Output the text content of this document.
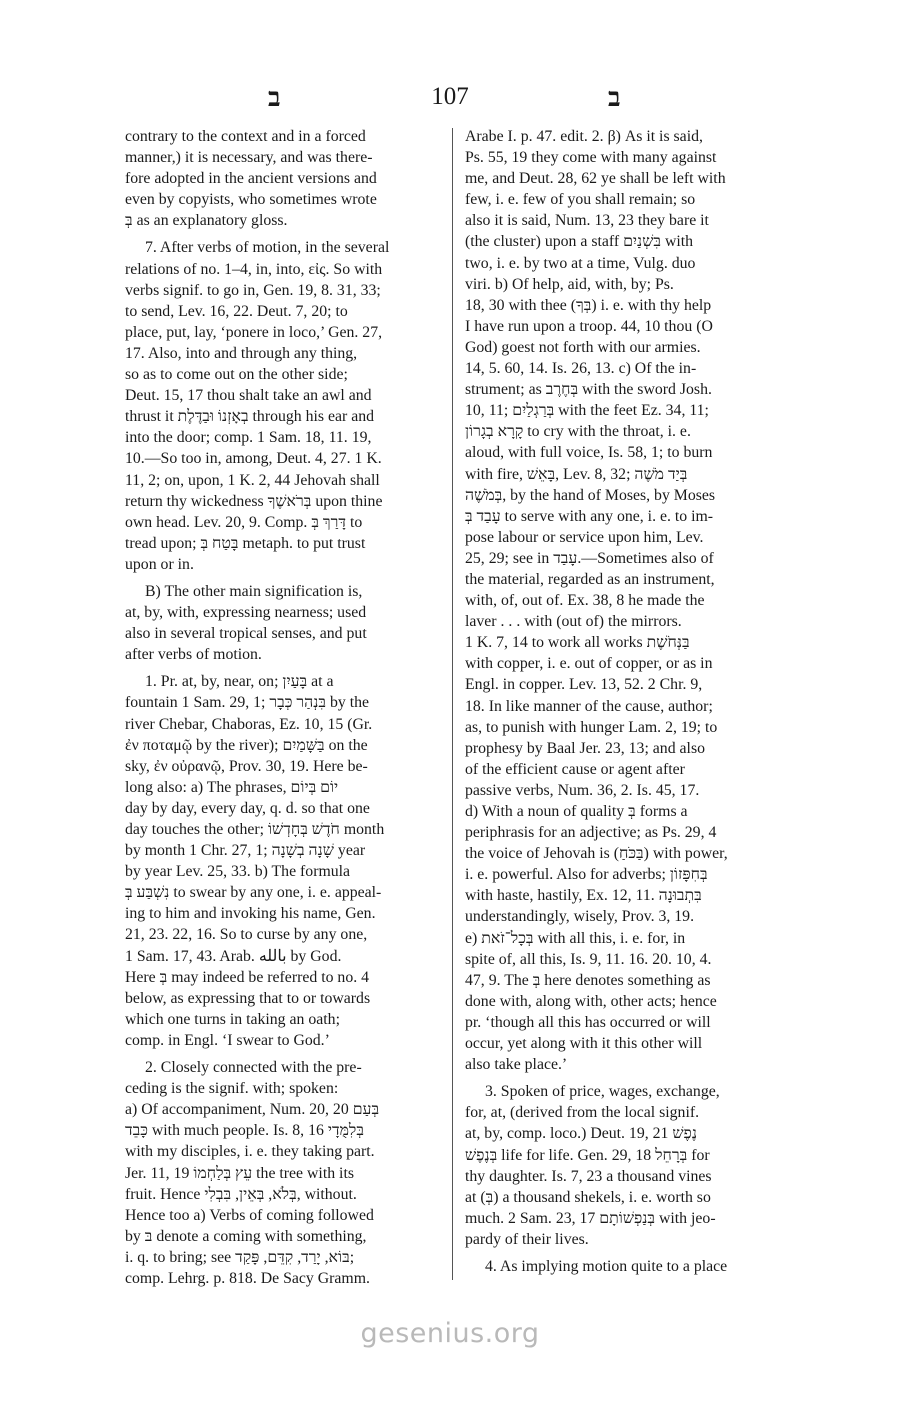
ב	107	ב

contrary to the context and in a forced
manner,) it is necessary, and was there-
fore adopted in the ancient versions and
even by copyists, who sometimes wrote
בְּ as an explanatory gloss.

7. After verbs of motion, in the several
relations of no. 1–4, in, into, εἰς. So with
verbs signif. to go in, Gen. 19, 8. 31, 33;
to send, Lev. 16, 22. Deut. 7, 20; to
place, put, lay, ‘ponere in loco,’ Gen. 27,
17. Also, into and through any thing,
so as to come out on the other side;
Deut. 15, 17 thou shalt take an awl and
thrust it בְאָזְנוֹ וּבַדֶּלֶת through his ear and
into the door; comp. 1 Sam. 18, 11. 19,
10.—So too in, among, Deut. 4, 27. 1 K.
11, 2; on, upon, 1 K. 2, 44 Jehovah shall
return thy wickedness בְּרֹאשֶׁךָ upon thine
own head. Lev. 20, 9. Comp. דָּרַךְ בְּ to
tread upon; בָּטַח בְּ metaph. to put trust
upon or in.

B) The other main signification is,
at, by, with, expressing nearness; used
also in several tropical senses, and put
after verbs of motion.

1. Pr. at, by, near, on; בָּעַיִן at a
fountain 1 Sam. 29, 1; בִּנְהַר כְּבָר by the
river Chebar, Chaboras, Ez. 10, 15 (Gr.
ἐν ποταμῷ by the river); בַּשָּׁמַיִם on the
sky, ἐν οὐρανῷ, Prov. 30, 19. Here be-
long also: a) The phrases, יוֹם בְּיוֹם
day by day, every day, q. d. so that one
day touches the other; חֹדֶשׁ בְּחָדְשׁוֹ month
by month 1 Chr. 27, 1; שָׁנָה בְשָׁנָה year
by year Lev. 25, 33. b) The formula
נִשְׁבַּע בְּ to swear by any one, i. e. appeal-
ing to him and invoking his name, Gen.
21, 23. 22, 16. So to curse by any one,
1 Sam. 17, 43. Arab. بالله by God.
Here בְּ may indeed be referred to no. 4
below, as expressing that to or towards
which one turns in taking an oath;
comp. in Engl. ‘I swear to God.’

2. Closely connected with the pre-
ceding is the signif. with; spoken:
a) Of accompaniment, Num. 20, 20 בְּעַם
כָּבֵד with much people. Is. 8, 16 בְּלִמֻּדָי
with my disciples, i. e. they taking part.
Jer. 11, 19 עֵץ בְּלַחְמוֹ the tree with its
fruit. Hence בְּלֹא, בְּאֵין, בִּבְלִי, without.
Hence too a) Verbs of coming followed
by בּ denote a coming with something,
i. q. to bring; see בּוֹא, יָרַד, קִדֵּם, פָּקַד;
comp. Lehrg. p. 818. De Sacy Gramm.

Arabe I. p. 47. edit. 2. β) As it is said,
Ps. 55, 19 they come with many against
me, and Deut. 28, 62 ye shall be left with
few, i. e. few of you shall remain; so
also it is said, Num. 13, 23 they bare it
(the cluster) upon a staff בִּשְׁנַיִם with
two, i. e. by two at a time, Vulg. duo
viri. b) Of help, aid, with, by; Ps.
18, 30 with thee (בְּךָ) i. e. with thy help
I have run upon a troop. 44, 10 thou (O
God) goest not forth with our armies.
14, 5. 60, 14. Is. 26, 13. c) Of the in-
strument; as בְּחֶרֶב with the sword Josh.
10, 11; בְּרַגְלַיִם with the feet Ez. 34, 11;
קָרָא בְגָרוֹן to cry with the throat, i. e.
aloud, with full voice, Is. 58, 1; to burn
with fire, בָּאֵשׁ, Lev. 8, 32; בְּיַד מֹשֶׁה
בְּמֹשֶׁה, by the hand of Moses, by Moses
עָבַד בְּ to serve with any one, i. e. to im-
pose labour or service upon him, Lev.
25, 29; see in עָבַד.—Sometimes also of
the material, regarded as an instrument,
with, of, out of. Ex. 38, 8 he made the
laver . . . with (out of) the mirrors.
1 K. 7, 14 to work all works בַּנְּחֹשֶׁת
with copper, i. e. out of copper, or as in
Engl. in copper. Lev. 13, 52. 2 Chr. 9,
18. In like manner of the cause, author;
as, to punish with hunger Lam. 2, 19; to
prophesy by Baal Jer. 23, 13; and also
of the efficient cause or agent after
passive verbs, Num. 36, 2. Is. 45, 17.
d) With a noun of quality בְּ forms a
periphrasis for an adjective; as Ps. 29, 4
the voice of Jehovah is (בַּכֹּחַ) with power,
i. e. powerful. Also for adverbs; בְּחִפָּזוֹן
with haste, hastily, Ex. 12, 11. בִּתְבוּנָה
understandingly, wisely, Prov. 3, 19.
e) בְּכָל־זֹאת with all this, i. e. for, in
spite of, all this, Is. 9, 11. 16. 20. 10, 4.
47, 9. The בְּ here denotes something as
done with, along with, other acts; hence
pr. ‘though all this has occurred or will
occur, yet along with it this other will
also take place.’

3. Spoken of price, wages, exchange,
for, at, (derived from the local signif.
at, by, comp. loco.) Deut. 19, 21 נֶפֶשׁ
בְּנֶפֶשׁ life for life. Gen. 29, 18 בְּרָחֵל for
thy daughter. Is. 7, 23 a thousand vines
at (בְּ) a thousand shekels, i. e. worth so
much. 2 Sam. 23, 17 בְּנַפְשׁוֹתָם with jeo-
pardy of their lives.

4. As implying motion quite to a place

gesenius.org
